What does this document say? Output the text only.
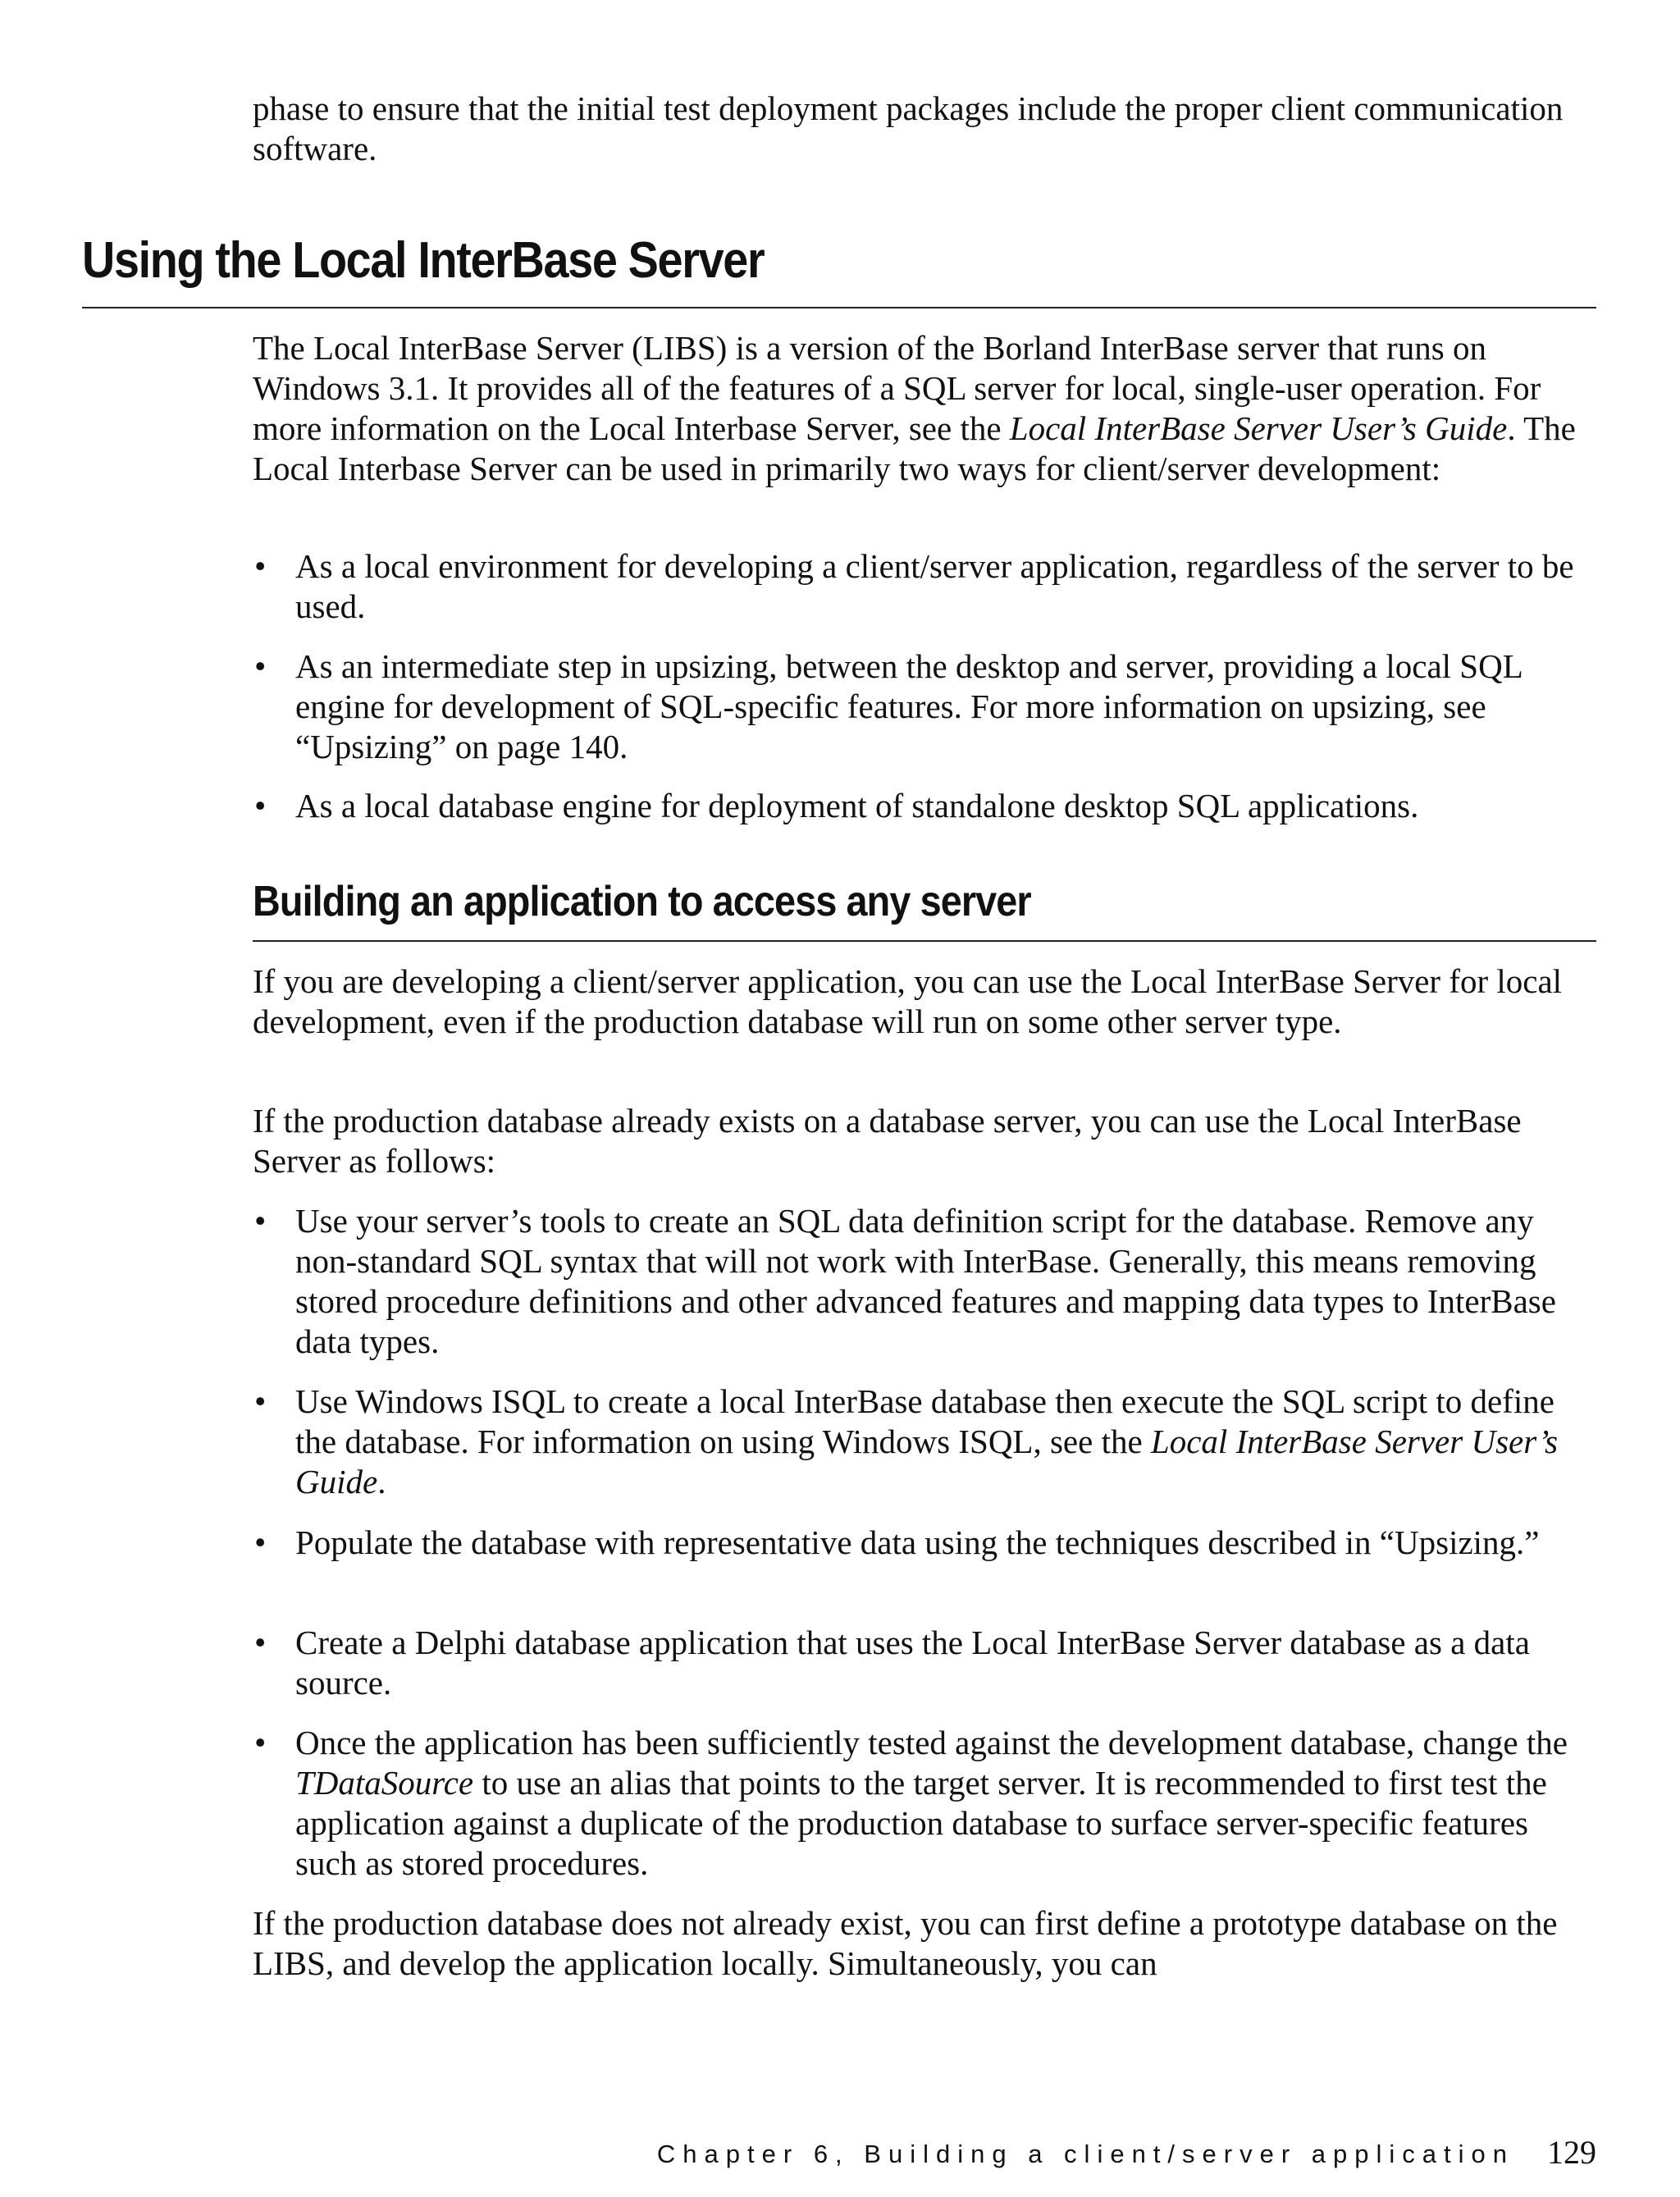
phase to ensure that the initial test deployment packages include the proper client communication software.

Using the Local InterBase Server

The Local InterBase Server (LIBS) is a version of the Borland InterBase server that runs on Windows 3.1. It provides all of the features of a SQL server for local, single-user operation. For more information on the Local Interbase Server, see the Local InterBase Server User’s Guide. The Local Interbase Server can be used in primarily two ways for client/server development:

• As a local environment for developing a client/server application, regardless of the server to be used.
• As an intermediate step in upsizing, between the desktop and server, providing a local SQL engine for development of SQL-specific features. For more information on upsizing, see “Upsizing” on page 140.
• As a local database engine for deployment of standalone desktop SQL applications.
Building an application to access any server

If you are developing a client/server application, you can use the Local InterBase Server for local development, even if the production database will run on some other server type.

If the production database already exists on a database server, you can use the Local InterBase Server as follows:

• Use your server’s tools to create an SQL data definition script for the database. Remove any non-standard SQL syntax that will not work with InterBase. Generally, this means removing stored procedure definitions and other advanced features and mapping data types to InterBase data types.
• Use Windows ISQL to create a local InterBase database then execute the SQL script to define the database. For information on using Windows ISQL, see the Local InterBase Server User’s Guide.
• Populate the database with representative data using the techniques described in “Upsizing.”
• Create a Delphi database application that uses the Local InterBase Server database as a data source.
• Once the application has been sufficiently tested against the development database, change the TDataSource to use an alias that points to the target server. It is recommended to first test the application against a duplicate of the production database to surface server-specific features such as stored procedures.

If the production database does not already exist, you can first define a prototype database on the LIBS, and develop the application locally. Simultaneously, you can

Chapter 6, Building a client/server application 129
